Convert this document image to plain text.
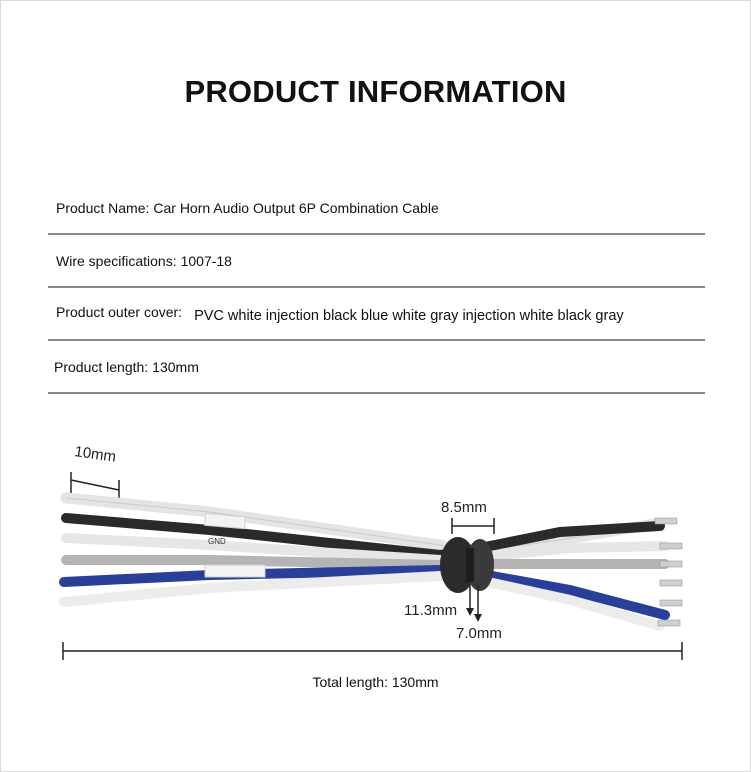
PRODUCT INFORMATION
Product Name: Car Horn Audio Output 6P Combination Cable
Wire specifications: 1007-18
Product outer cover: PVC white injection black blue white gray injection white black gray
Product length: 130mm
10mm
GND
8.5mm
11.3mm
7.0mm
Total length: 130mm
